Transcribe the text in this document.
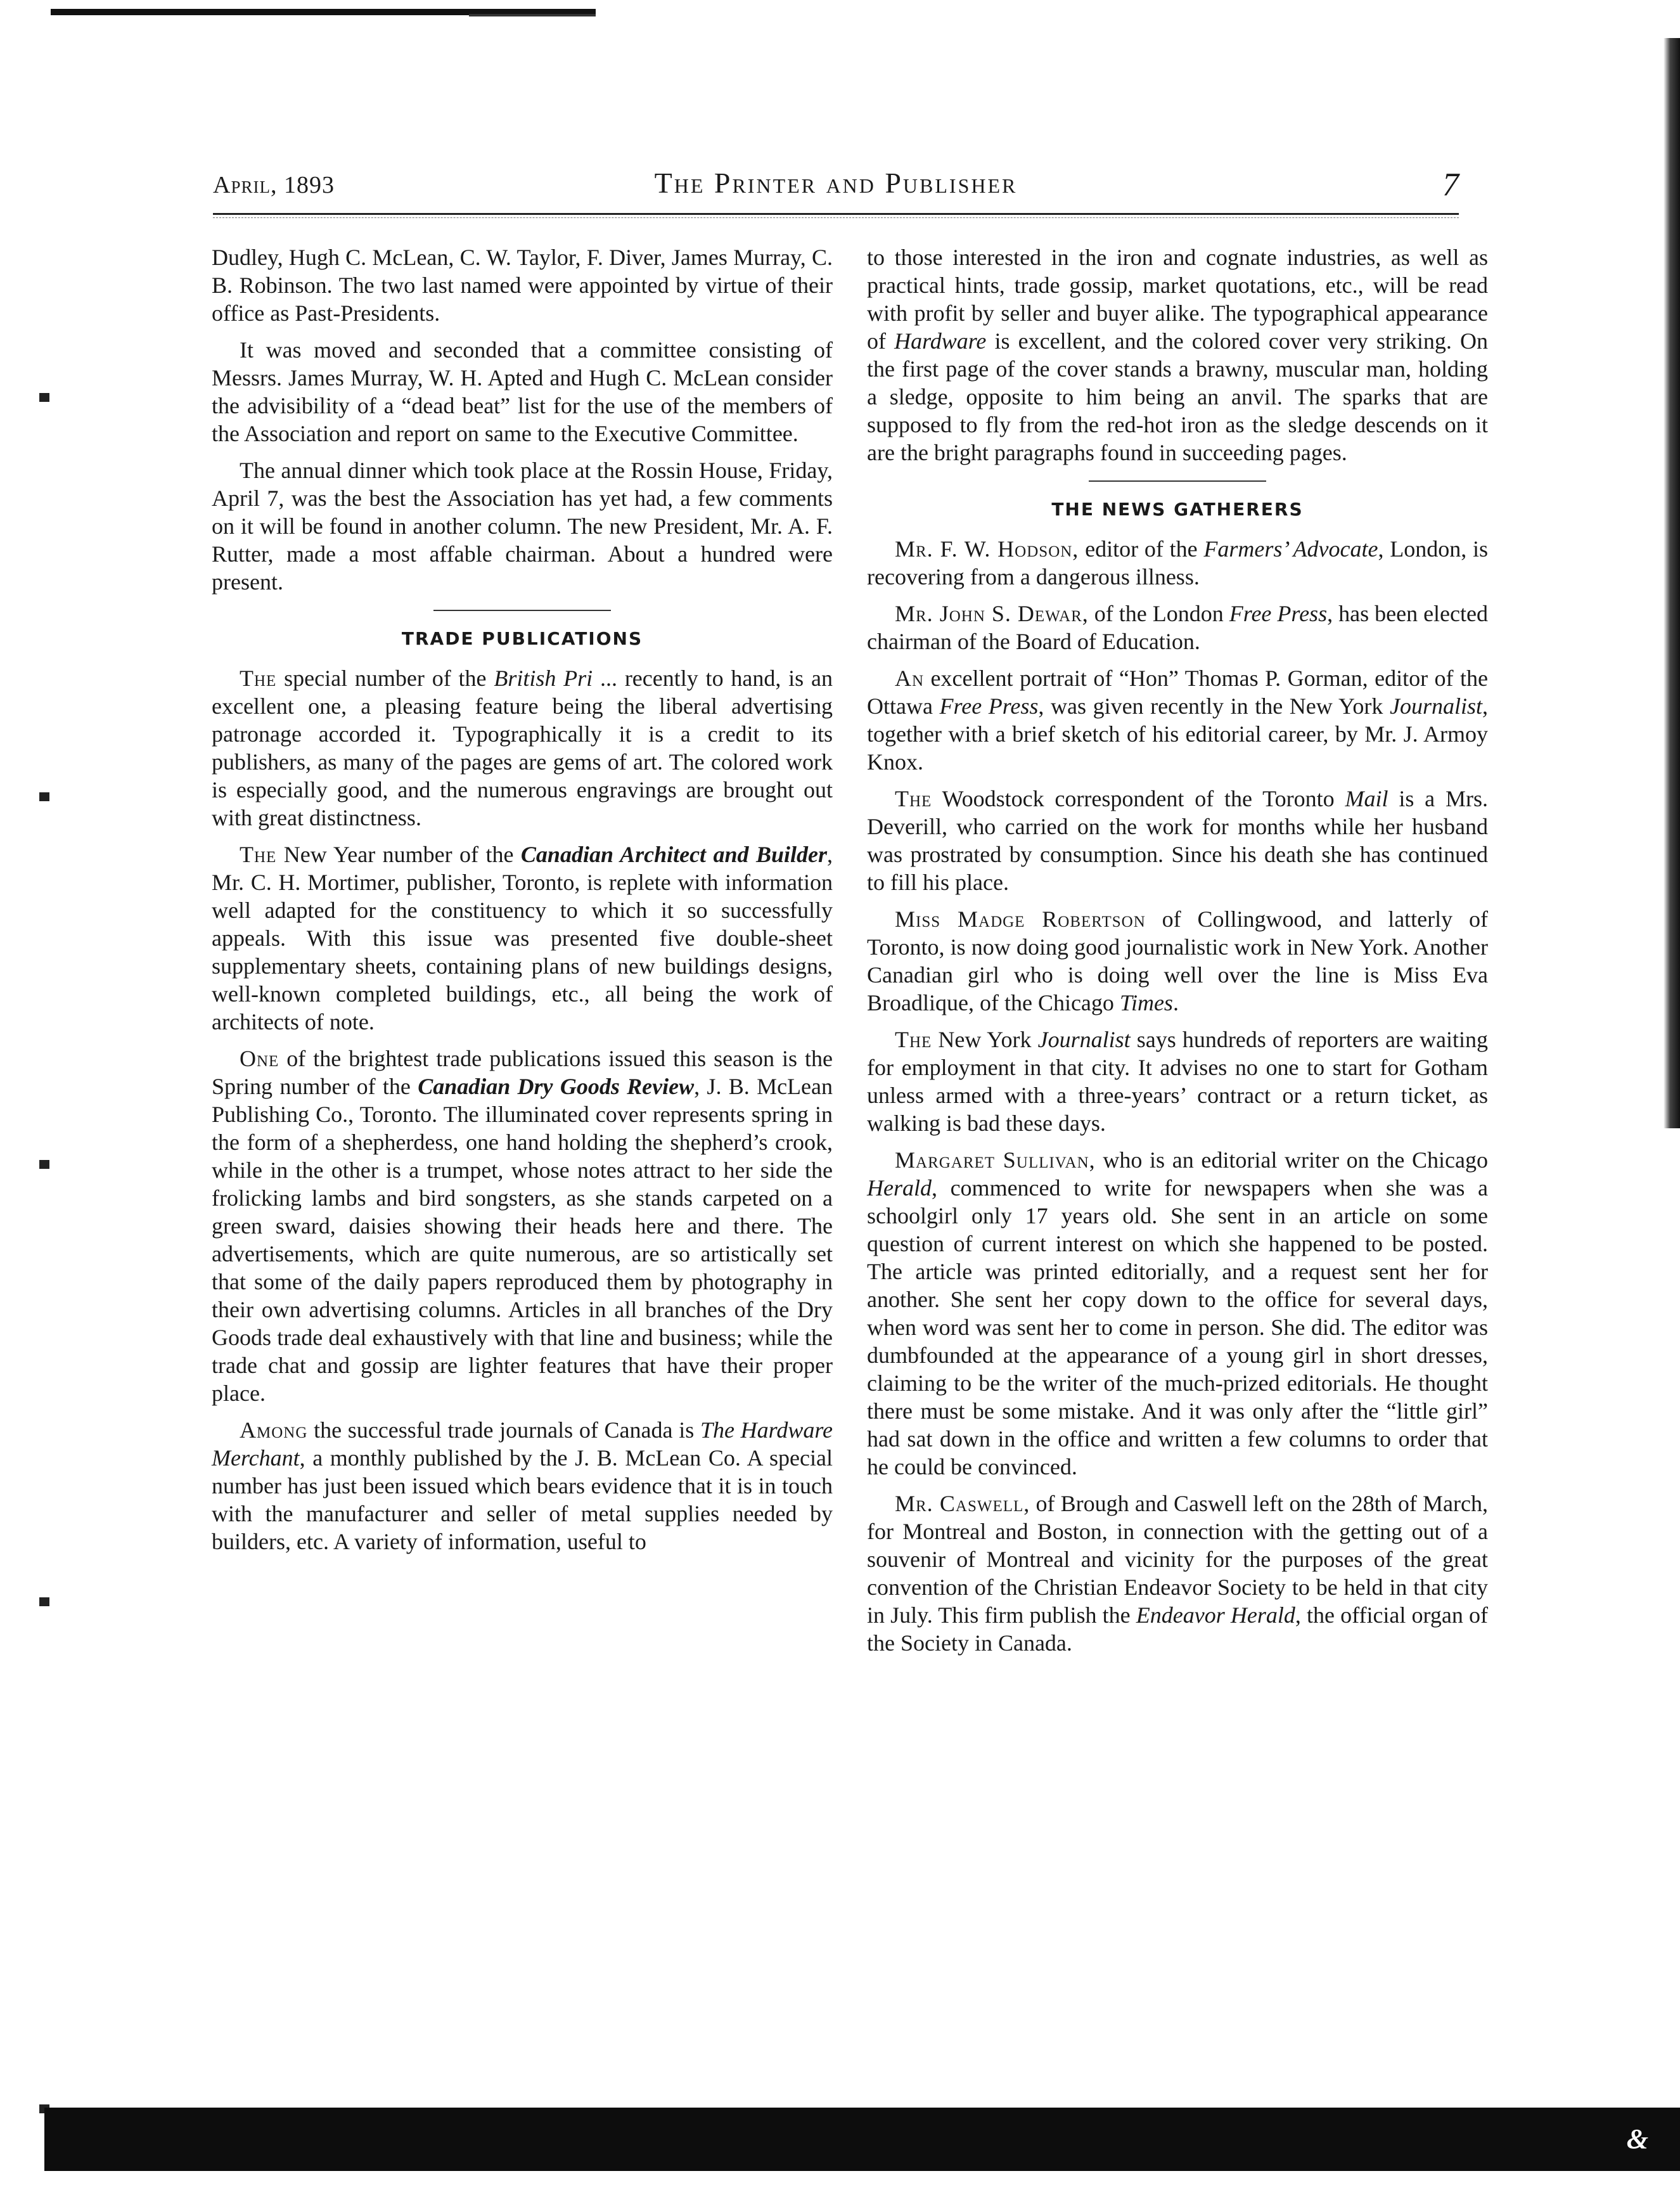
April, 1893	The Printer and Publisher	7

Dudley, Hugh C. McLean, C. W. Taylor, F. Diver, James Murray, C. B. Robinson. The two last named were appointed by virtue of their office as Past-Presidents.

It was moved and seconded that a committee consisting of Messrs. James Murray, W. H. Apted and Hugh C. McLean consider the advisibility of a “dead beat” list for the use of the members of the Association and report on same to the Executive Committee.

The annual dinner which took place at the Rossin House, Friday, April 7, was the best the Association has yet had, a few comments on it will be found in another column. The new President, Mr. A. F. Rutter, made a most affable chairman. About a hundred were present.

TRADE PUBLICATIONS

The special number of the British Pri ... recently to hand, is an excellent one, a pleasing feature being the liberal advertising patronage accorded it. Typographically it is a credit to its publishers, as many of the pages are gems of art. The colored work is especially good, and the numerous engravings are brought out with great distinctness.

The New Year number of the Canadian Architect and Builder, Mr. C. H. Mortimer, publisher, Toronto, is replete with information well adapted for the constituency to which it so successfully appeals. With this issue was presented five double-sheet supplementary sheets, containing plans of new buildings designs, well-known completed buildings, etc., all being the work of architects of note.

One of the brightest trade publications issued this season is the Spring number of the Canadian Dry Goods Review, J. B. McLean Publishing Co., Toronto. The illuminated cover represents spring in the form of a shepherdess, one hand holding the shepherd’s crook, while in the other is a trumpet, whose notes attract to her side the frolicking lambs and bird songsters, as she stands carpeted on a green sward, daisies showing their heads here and there. The advertisements, which are quite numerous, are so artistically set that some of the daily papers reproduced them by photography in their own advertising columns. Articles in all branches of the Dry Goods trade deal exhaustively with that line and business; while the trade chat and gossip are lighter features that have their proper place.

Among the successful trade journals of Canada is The Hardware Merchant, a monthly published by the J. B. McLean Co. A special number has just been issued which bears evidence that it is in touch with the manufacturer and seller of metal supplies needed by builders, etc. A variety of information, useful to

to those interested in the iron and cognate industries, as well as practical hints, trade gossip, market quotations, etc., will be read with profit by seller and buyer alike. The typographical appearance of Hardware is excellent, and the colored cover very striking. On the first page of the cover stands a brawny, muscular man, holding a sledge, opposite to him being an anvil. The sparks that are supposed to fly from the red-hot iron as the sledge descends on it are the bright paragraphs found in succeeding pages.

THE NEWS GATHERERS

Mr. F. W. Hodson, editor of the Farmers’ Advocate, London, is recovering from a dangerous illness.

Mr. John S. Dewar, of the London Free Press, has been elected chairman of the Board of Education.

An excellent portrait of “Hon” Thomas P. Gorman, editor of the Ottawa Free Press, was given recently in the New York Journalist, together with a brief sketch of his editorial career, by Mr. J. Armoy Knox.

The Woodstock correspondent of the Toronto Mail is a Mrs. Deverill, who carried on the work for months while her husband was prostrated by consumption. Since his death she has continued to fill his place.

Miss Madge Robertson of Collingwood, and latterly of Toronto, is now doing good journalistic work in New York. Another Canadian girl who is doing well over the line is Miss Eva Broadlique, of the Chicago Times.

The New York Journalist says hundreds of reporters are waiting for employment in that city. It advises no one to start for Gotham unless armed with a three-years’ contract or a return ticket, as walking is bad these days.

Margaret Sullivan, who is an editorial writer on the Chicago Herald, commenced to write for newspapers when she was a schoolgirl only 17 years old. She sent in an article on some question of current interest on which she happened to be posted. The article was printed editorially, and a request sent her for another. She sent her copy down to the office for several days, when word was sent her to come in person. She did. The editor was dumbfounded at the appearance of a young girl in short dresses, claiming to be the writer of the much-prized editorials. He thought there must be some mistake. And it was only after the “little girl” had sat down in the office and written a few columns to order that he could be convinced.

Mr. Caswell, of Brough and Caswell left on the 28th of March, for Montreal and Boston, in connection with the getting out of a souvenir of Montreal and vicinity for the purposes of the great convention of the Christian Endeavor Society to be held in that city in July. This firm publish the Endeavor Herald, the official organ of the Society in Canada.

&
